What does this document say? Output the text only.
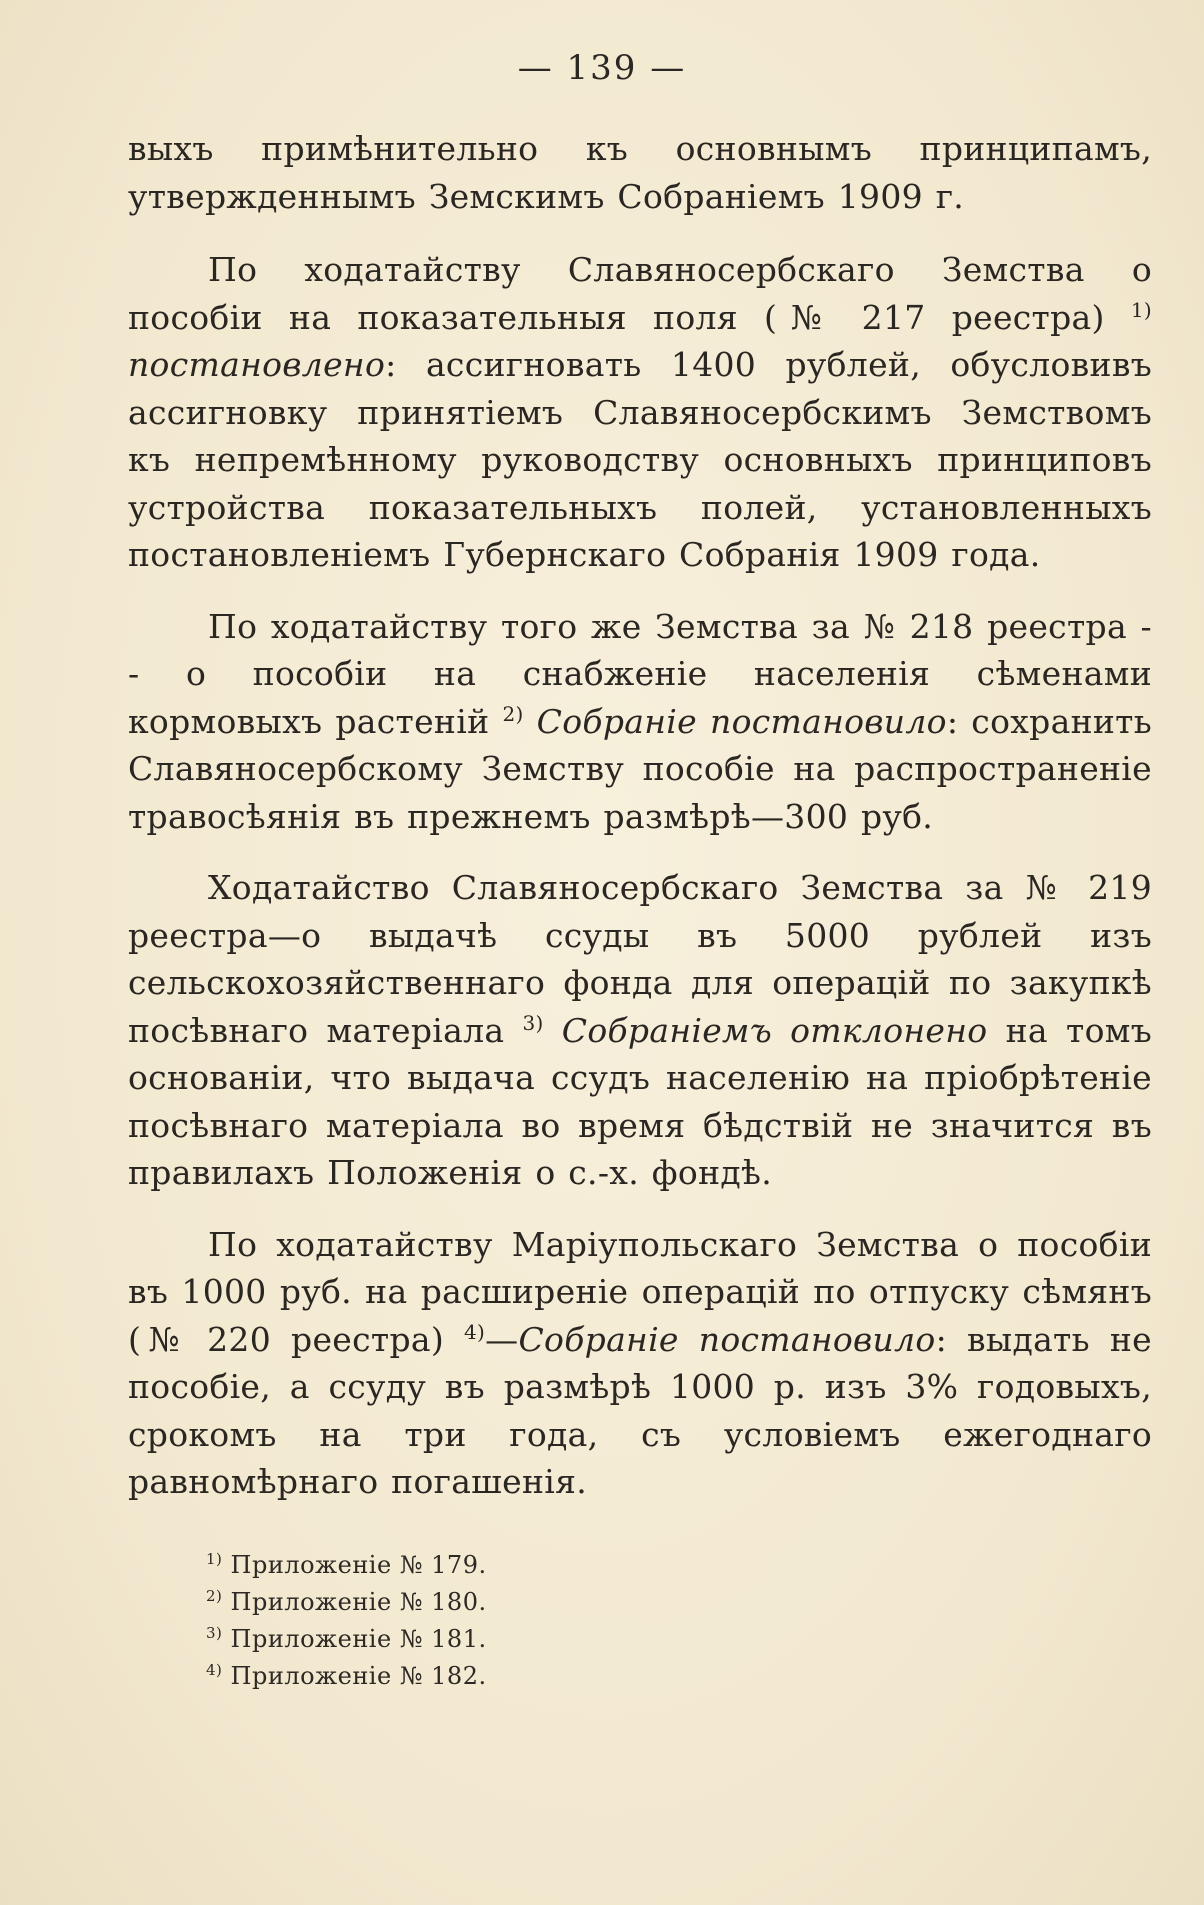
— 139 —

выхъ примѣнительно къ основнымъ принципамъ, утвержденнымъ Земскимъ Собраніемъ 1909 г.

По ходатайству Славяносербскаго Земства о пособіи на показательныя поля (№ 217 реестра) $^{1)}$ постановлено: ассигновать 1400 рублей, обусловивъ ассигновку принятіемъ Славяносербскимъ Земствомъ къ непремѣнному руководству основныхъ принциповъ устройства показательныхъ полей, установленныхъ постановленіемъ Губернскаго Собранія 1909 года.

По ходатайству того же Земства за № 218 реестра - - о пособіи на снабженіе населенія сѣменами кормовыхъ растеній $^{2)}$ Собраніе постановило: сохранить Славяносербскому Земству пособіе на распространеніе травосѣянія въ прежнемъ размѣрѣ—300 руб.

Ходатайство Славяносербскаго Земства за № 219 реестра—о выдачѣ ссуды въ 5000 рублей изъ сельскохозяйственнаго фонда для операцій по закупкѣ посѣвнаго матеріала $^{3)}$ Собраніемъ отклонено на томъ основаніи, что выдача ссудъ населенію на пріобрѣтеніе посѣвнаго матеріала во время бѣдствій не значится въ правилахъ Положенія о с.-х. фондѣ.

По ходатайству Маріупольскаго Земства о пособіи въ 1000 руб. на расширеніе операцій по отпуску сѣмянъ (№ 220 реестра) $^{4)}$—Собраніе постановило: выдать не пособіе, а ссуду въ размѣрѣ 1000 р. изъ 3% годовыхъ, срокомъ на три года, съ условіемъ ежегоднаго равномѣрнаго погашенія.

$^{1)}$ Приложеніе № 179.
$^{2)}$ Приложеніе № 180.
$^{3)}$ Приложеніе № 181.
$^{4)}$ Приложеніе № 182.
